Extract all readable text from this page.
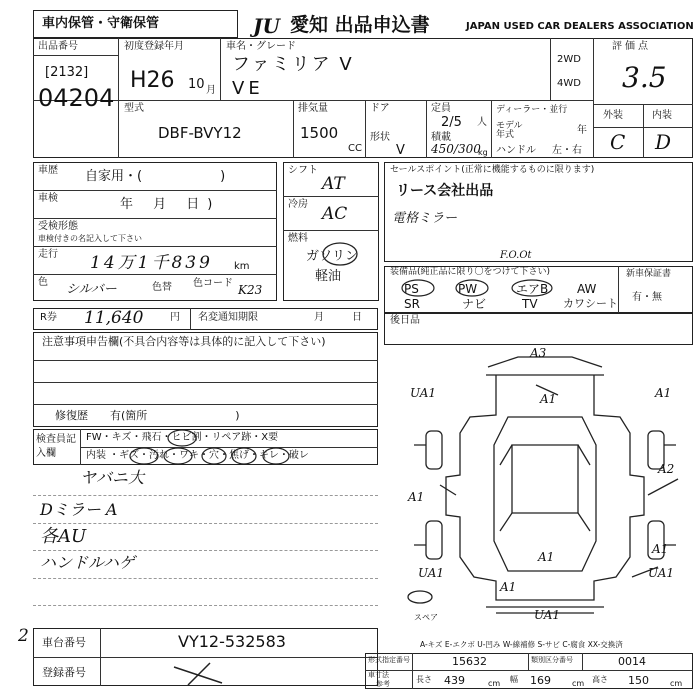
車内保管・守衛保管	JU 愛知 出品申込書	JAPAN USED CAR DEALERS ASSOCIATION
出品番号
[2132]
04204
初度登録年月
H26 10 月
車名・グレード
ファミリア V
VE
2WD
4WD
評価点
3.5
外装	内装
C D
型式
DBF-BVY12
排気量
1500
CC
ドア
形状
V
定員
2/5 人
積載
450/300
kg
ディーラー・並行
モデル 年式	年
ハンドル 左・右
車歴 自家用・(　　　　　　)
車検	年 月 日)
受検形態
車検付きの名記入して下さい
走行 14万1千839 km
色 シルバー	色替 色コード K23
シフト
AT
冷房 AC
燃料
ガソリン
軽油
セールスポイント(正常に機能するものに限ります)
リース会社出品
電格ミラー
装備品(純正品に限り〇をつけて下さい)
F.O.Ot
PS	PW	エアB AW
SR	ナビ	TV カワシート
新車保証書
有・無
R券 11,640	円 名変通知期限	月	日	後日品
注意事項申告欄(不具合内容等は具体的に記入して下さい)
修復歴　　有(箇所　　　　　　　　)
検査員記入欄
FW・キズ・飛石・ヒビ割・リペア跡・X要
内装 ・ギズ・汚れ・ワキ・穴・焦げ・キレ・破レ
ヤバニ大
Dミラー A
各AU
ハンドルハゲ
A3
A1
UA1	A1
A2
A1
A1
UA1
A1
UA1
A1
UA1
スペア
A-キズ E-エクボ U-凹み W-線補修 S-サビ C-腐食 XX-交換済
車台番号	VY12-532583
登録番号
2
形式指定番号	15632	類別区分番号	0014
車寸法
参考	長さ 439	cm 幅 169	cm 高さ 150	cm
